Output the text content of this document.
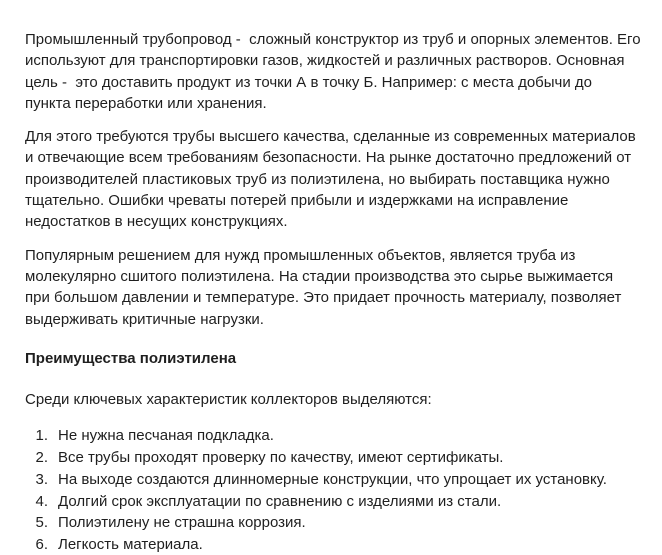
Промышленный трубопровод -  сложный конструктор из труб и опорных элементов. Его используют для транспортировки газов, жидкостей и различных растворов. Основная цель -  это доставить продукт из точки А в точку Б. Например: с места добычи до пункта переработки или хранения.

Для этого требуются трубы высшего качества, сделанные из современных материалов и отвечающие всем требованиям безопасности. На рынке достаточно предложений от производителей пластиковых труб из полиэтилена, но выбирать поставщика нужно тщательно. Ошибки чреваты потерей прибыли и издержками на исправление недостатков в несущих конструкциях.

Популярным решением для нужд промышленных объектов, является труба из молекулярно сшитого полиэтилена. На стадии производства это сырье выжимается при большом давлении и температуре. Это придает прочность материалу, позволяет выдерживать критичные нагрузки.

Преимущества полиэтилена

Среди ключевых характеристик коллекторов выделяются:

1. Не нужна песчаная подкладка.
2. Все трубы проходят проверку по качеству, имеют сертификаты.
3. На выходе создаются длинномерные конструкции, что упрощает их установку.
4. Долгий срок эксплуатации по сравнению с изделиями из стали.
5. Полиэтилену не страшна коррозия.
6. Легкость материала.
